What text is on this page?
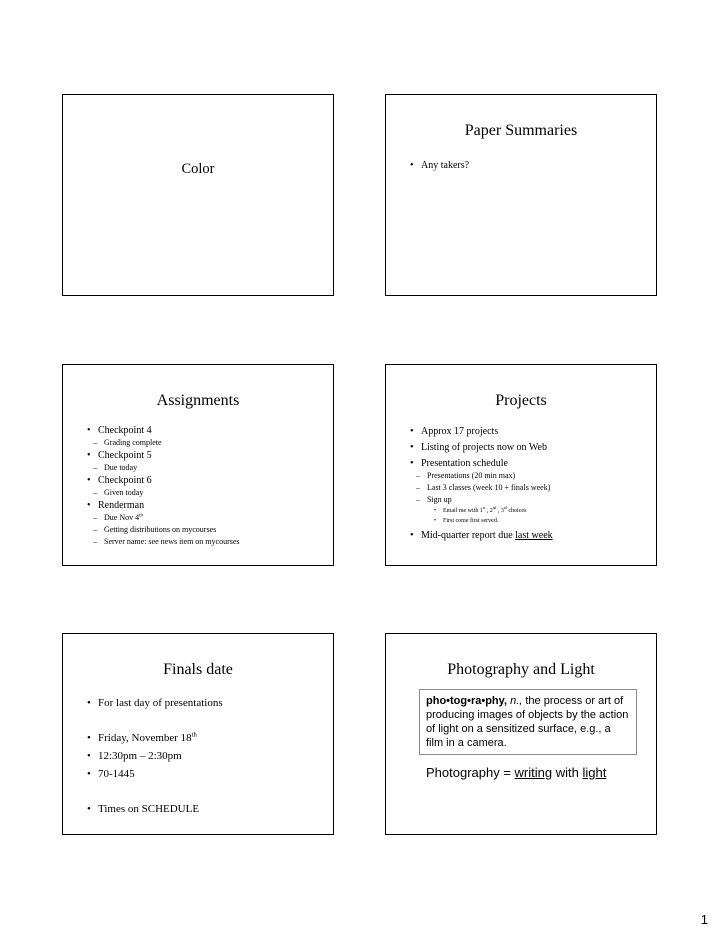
Color
Paper Summaries
• Any takers?
Assignments
• Checkpoint 4
– Grading complete
• Checkpoint 5
– Due today
• Checkpoint 6
– Given today
• Renderman
– Due Nov 4th
– Getting distributions on mycourses
– Server name: see news item on mycourses
Projects
• Approx 17 projects
• Listing of projects now on Web
• Presentation schedule
– Presentations (20 min max)
– Last 3 classes (week 10 + finals week)
– Sign up
• Email me with 1st , 2nd , 3rd choices
• First come first served.
• Mid-quarter report due last week
Finals date
• For last day of presentations
• Friday, November 18th
• 12:30pm – 2:30pm
• 70-1445
• Times on SCHEDULE
Photography and Light
pho•tog•ra•phy, n., the process or art of producing images of objects by the action of light on a sensitized surface, e.g., a film in a camera.
Photography = writing with light
1
